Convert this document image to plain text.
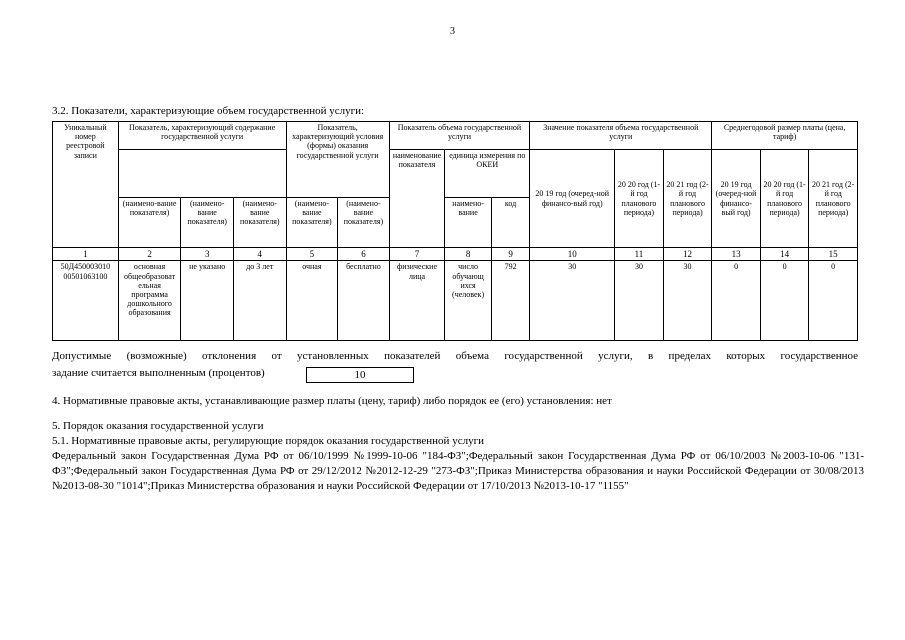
3
3.2. Показатели, характеризующие объем государственной услуги:
Уникальный номер реестровой записи	Показатель, характеризующий содержание государственной услуги			Показатель, характеризующий условия (формы) оказания государственной услуги		Показатель объема государственной услуги			Значение показателя объема государственной услуги			Среднегодовой размер платы (цена, тариф)		
						наименование показателя	единица измерения по ОКЕИ		20 19 год (очеред-ной финансо-вый год)	20 20 год (1-й год планового периода)	20 21 год (2-й год планового периода)	20 19 год (очеред-ной финансо-вый год)	20 20 год (1-й год планового периода)	20 21 год (2-й год планового периода)
	(наимено-вание показателя)	(наимено-вание показателя)	(наимено-вание показателя)	(наимено-вание показателя)	(наимено-вание показателя)		наимено-вание	код						
1	2	3	4	5	6	7	8	9	10	11	12	13	14	15
50Д450003010 00501063100	основная общеобразоват ельная программа дошкольного образования	не указано	до 3 лет	очная	бесплатно	физические лица	число обучающ ихся (человек)	792	30	30	30	0	0	0
Допустимые (возможные) отклонения от установленных показателей объема государственной услуги, в пределах которых государственное
задание считается выполненным (процентов)	10
4. Нормативные правовые акты, устанавливающие размер платы (цену, тариф) либо порядок ее (его) установления: нет
5. Порядок оказания государственной услуги
5.1. Нормативные правовые акты, регулирующие порядок оказания государственной услуги
Федеральный закон Государственная Дума РФ от 06/10/1999 №1999-10-06 "184-ФЗ";Федеральный закон Государственная Дума РФ от 06/10/2003 №2003-10-06 "131-ФЗ";Федеральный закон Государственная Дума РФ от 29/12/2012 №2012-12-29 "273-ФЗ";Приказ Министерства образования и науки Российской Федерации от 30/08/2013 №2013-08-30 "1014";Приказ Министерства образования и науки Российской Федерации от 17/10/2013 №2013-10-17 "1155"
